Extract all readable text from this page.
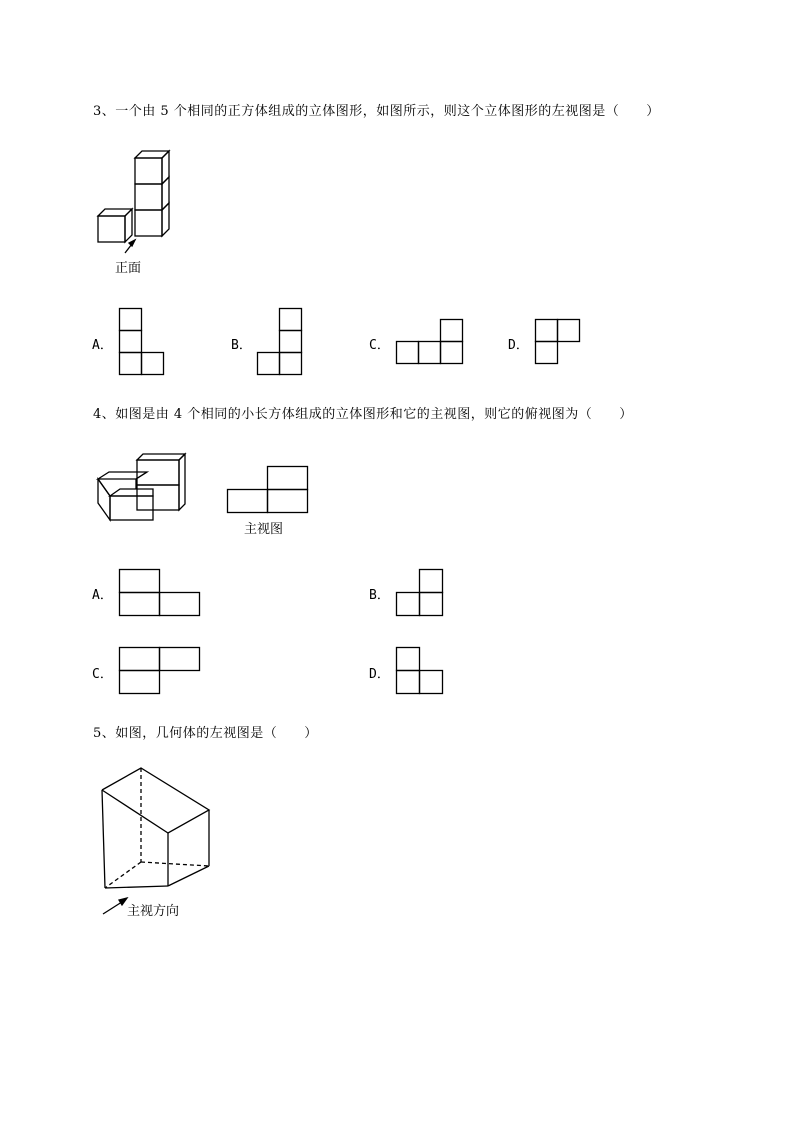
3、一个由 5 个相同的正方体组成的立体图形，如图所示，则这个立体图形的左视图是（　　）
正面
A．	B．	C．	D．
4、如图是由 4 个相同的小长方体组成的立体图形和它的主视图，则它的俯视图为（　　）
主视图
A．	B．
C．	D．
5、如图，几何体的左视图是（　　）
主视方向
